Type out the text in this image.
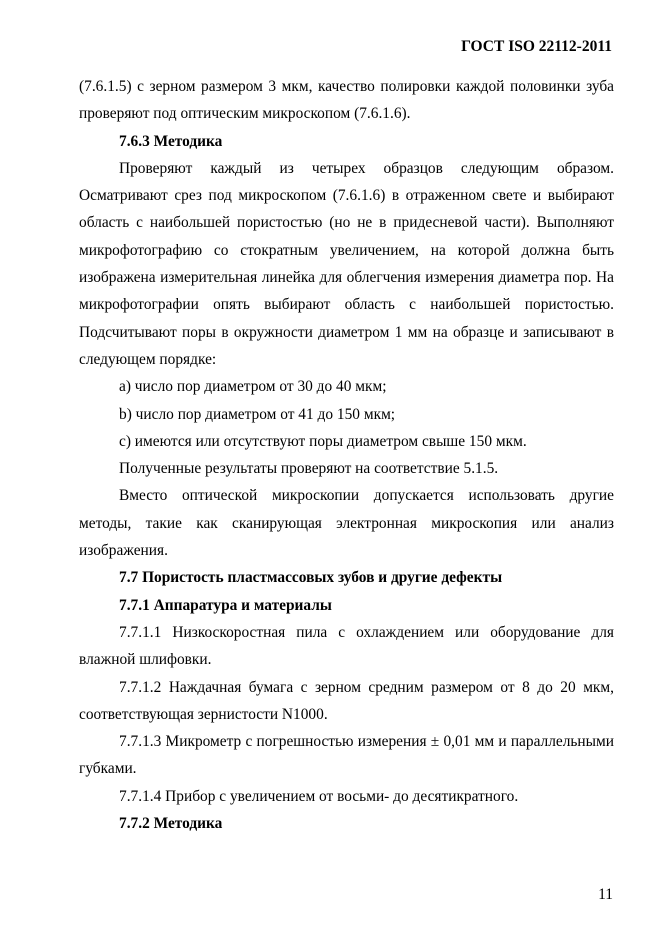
ГОСТ ISO 22112-2011

(7.6.1.5) с зерном размером 3 мкм, качество полировки каждой половинки зуба проверяют под оптическим микроскопом (7.6.1.6).

7.6.3 Методика

Проверяют каждый из четырех образцов следующим образом. Осматривают срез под микроскопом (7.6.1.6) в отраженном свете и выбирают область с наибольшей пористостью (но не в придесневой части). Выполняют микрофотографию со стократным увеличением, на которой должна быть изображена измерительная линейка для облегчения измерения диаметра пор. На микрофотографии опять выбирают область с наибольшей пористостью. Подсчитывают поры в окружности диаметром 1 мм на образце и записывают в следующем порядке:

a) число пор диаметром от 30 до 40 мкм;

b) число пор диаметром от 41 до 150 мкм;

c) имеются или отсутствуют поры диаметром свыше 150 мкм.

Полученные результаты проверяют на соответствие 5.1.5.

Вместо оптической микроскопии допускается использовать другие методы, такие как сканирующая электронная микроскопия или анализ изображения.

7.7 Пористость пластмассовых зубов и другие дефекты

7.7.1 Аппаратура и материалы

7.7.1.1 Низкоскоростная пила с охлаждением или оборудование для влажной шлифовки.

7.7.1.2 Наждачная бумага с зерном средним размером от 8 до 20 мкм, соответствующая зернистости N1000.

7.7.1.3 Микрометр с погрешностью измерения ± 0,01 мм и параллельными губками.

7.7.1.4 Прибор с увеличением от восьми- до десятикратного.

7.7.2 Методика

11
